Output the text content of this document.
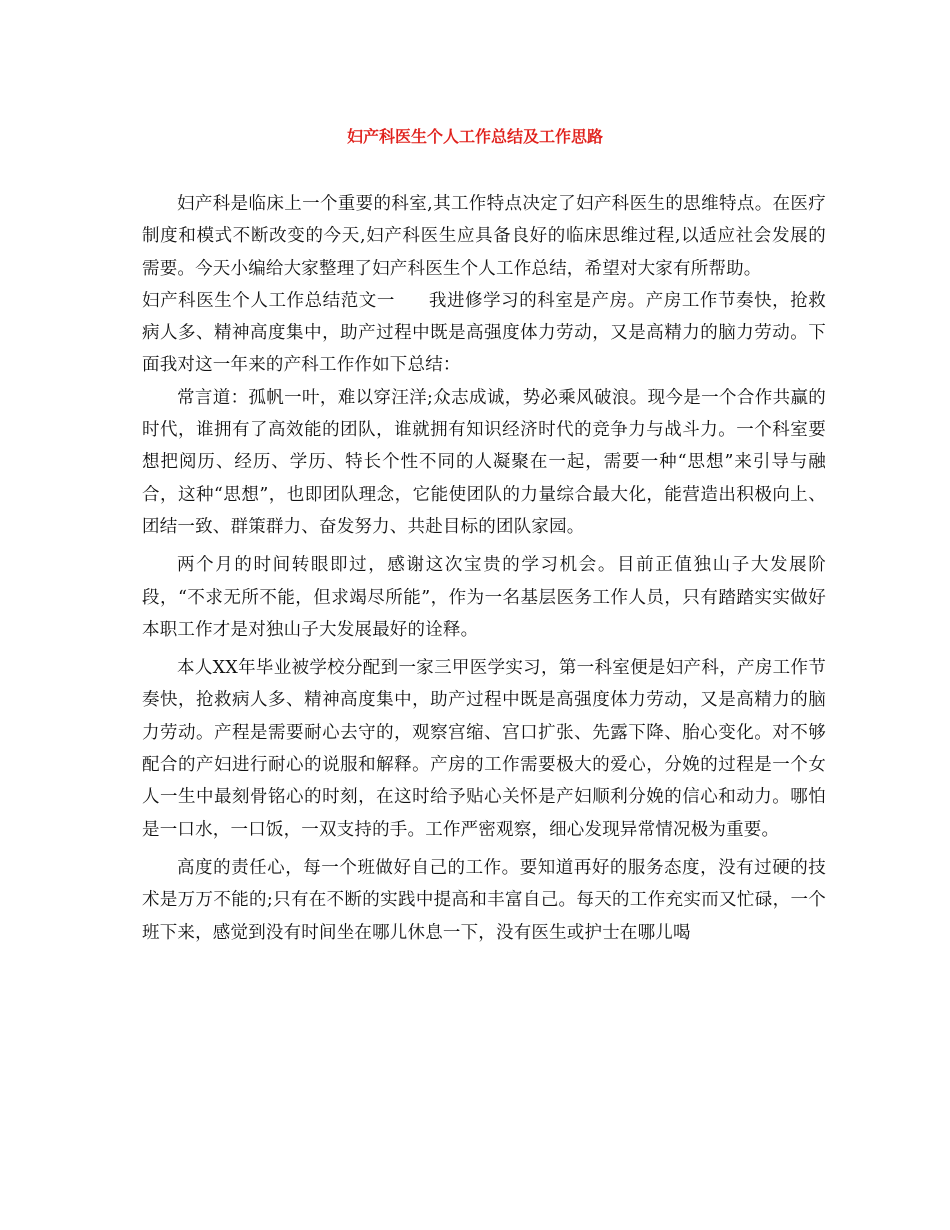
妇产科医生个人工作总结及工作思路

妇产科是临床上一个重要的科室,其工作特点决定了妇产科医生的思维特点。在医疗制度和模式不断改变的今天,妇产科医生应具备良好的临床思维过程,以适应社会发展的需要。今天小编给大家整理了妇产科医生个人工作总结，希望对大家有所帮助。

妇产科医生个人工作总结范文一 我进修学习的科室是产房。产房工作节奏快，抢救病人多、精神高度集中，助产过程中既是高强度体力劳动，又是高精力的脑力劳动。下面我对这一年来的产科工作作如下总结：

常言道：孤帆一叶，难以穿汪洋;众志成诚，势必乘风破浪。现今是一个合作共赢的时代，谁拥有了高效能的团队，谁就拥有知识经济时代的竞争力与战斗力。一个科室要想把阅历、经历、学历、特长个性不同的人凝聚在一起，需要一种“思想”来引导与融合，这种“思想”，也即团队理念，它能使团队的力量综合最大化，能营造出积极向上、团结一致、群策群力、奋发努力、共赴目标的团队家园。

两个月的时间转眼即过，感谢这次宝贵的学习机会。目前正值独山子大发展阶段，“不求无所不能，但求竭尽所能”，作为一名基层医务工作人员，只有踏踏实实做好本职工作才是对独山子大发展最好的诠释。

本人XX年毕业被学校分配到一家三甲医学实习，第一科室便是妇产科，产房工作节奏快，抢救病人多、精神高度集中，助产过程中既是高强度体力劳动，又是高精力的脑力劳动。产程是需要耐心去守的，观察宫缩、宫口扩张、先露下降、胎心变化。对不够配合的产妇进行耐心的说服和解释。产房的工作需要极大的爱心，分娩的过程是一个女人一生中最刻骨铭心的时刻，在这时给予贴心关怀是产妇顺利分娩的信心和动力。哪怕是一口水，一口饭，一双支持的手。工作严密观察，细心发现异常情况极为重要。

高度的责任心，每一个班做好自己的工作。要知道再好的服务态度，没有过硬的技术是万万不能的;只有在不断的实践中提高和丰富自己。每天的工作充实而又忙碌，一个班下来，感觉到没有时间坐在哪儿休息一下，没有医生或护士在哪儿喝
